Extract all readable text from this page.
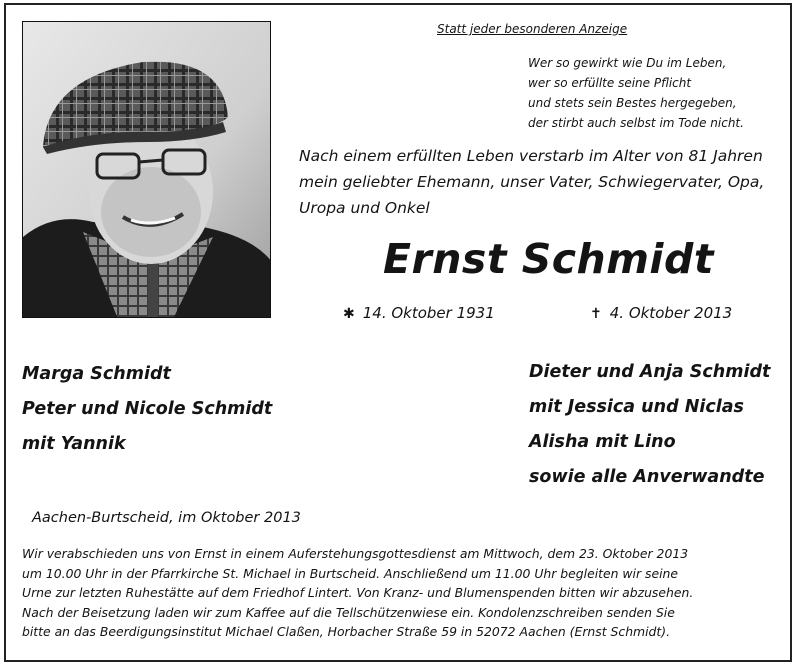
Statt jeder besonderen Anzeige
Wer so gewirkt wie Du im Leben,
wer so erfüllte seine Pflicht
und stets sein Bestes hergegeben,
der stirbt auch selbst im Tode nicht.
Nach einem erfüllten Leben verstarb im Alter von 81 Jahren
mein geliebter Ehemann, unser Vater, Schwiegervater, Opa,
Uropa und Onkel
Ernst Schmidt
✱ 14. Oktober 1931	✝ 4. Oktober 2013
Marga Schmidt
Peter und Nicole Schmidt
mit Yannik
Dieter und Anja Schmidt
mit Jessica und Niclas
Alisha mit Lino
sowie alle Anverwandte
Aachen-Burtscheid, im Oktober 2013
Wir verabschieden uns von Ernst in einem Auferstehungsgottesdienst am Mittwoch, dem 23. Oktober 2013
um 10.00 Uhr in der Pfarrkirche St. Michael in Burtscheid. Anschließend um 11.00 Uhr begleiten wir seine
Urne zur letzten Ruhestätte auf dem Friedhof Lintert. Von Kranz- und Blumenspenden bitten wir abzusehen.
Nach der Beisetzung laden wir zum Kaffee auf die Tellschützenwiese ein. Kondolenzschreiben senden Sie
bitte an das Beerdigungsinstitut Michael Claßen, Horbacher Straße 59 in 52072 Aachen (Ernst Schmidt).
